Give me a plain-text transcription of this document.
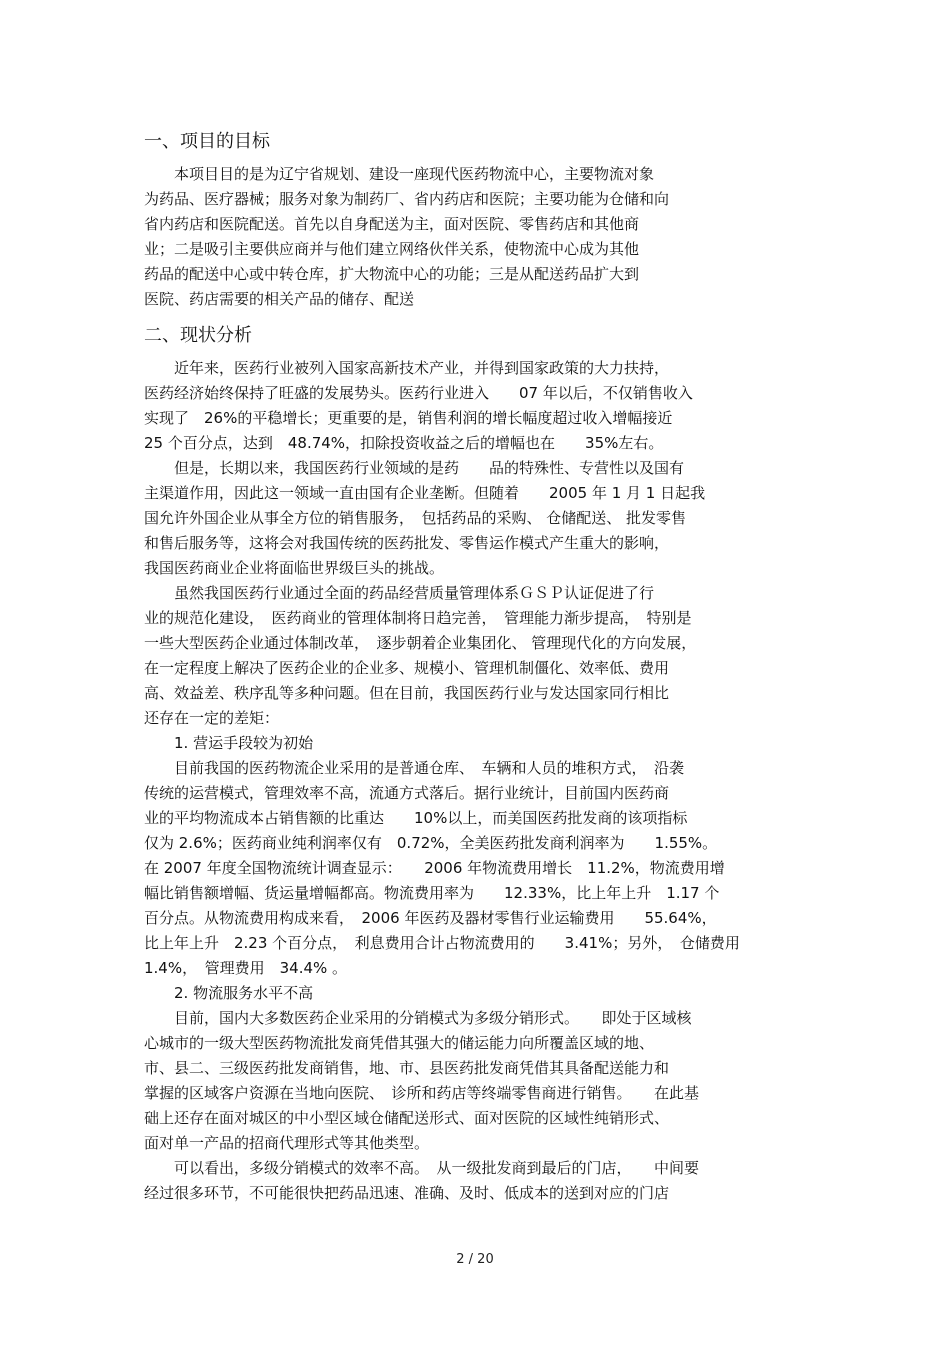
一、项目的目标
　　本项目目的是为辽宁省规划、建设一座现代医药物流中心，主要物流对象
为药品、医疗器械；服务对象为制药厂、省内药店和医院；主要功能为仓储和向
省内药店和医院配送。首先以自身配送为主，面对医院、零售药店和其他商
业；二是吸引主要供应商并与他们建立网络伙伴关系，使物流中心成为其他
药品的配送中心或中转仓库，扩大物流中心的功能；三是从配送药品扩大到
医院、药店需要的相关产品的储存、配送
二、现状分析
　　近年来，医药行业被列入国家高新技术产业，并得到国家政策的大力扶持，
医药经济始终保持了旺盛的发展势头。医药行业进入　　07 年以后，不仅销售收入
实现了　26%的平稳增长；更重要的是，销售利润的增长幅度超过收入增幅接近
25 个百分点，达到　48.74%，扣除投资收益之后的增幅也在　　35%左右。
　　但是，长期以来，我国医药行业领域的是药　　品的特殊性、专营性以及国有
主渠道作用，因此这一领域一直由国有企业垄断。但随着　　2005 年 1 月 1 日起我
国允许外国企业从事全方位的销售服务，　包括药品的采购、 仓储配送、 批发零售
和售后服务等，这将会对我国传统的医药批发、零售运作模式产生重大的影响，
我国医药商业企业将面临世界级巨头的挑战。
　　虽然我国医药行业通过全面的药品经营质量管理体系ＧＳＰ认证促进了行
业的规范化建设，　医药商业的管理体制将日趋完善，　管理能力渐步提高，　特别是
一些大型医药企业通过体制改革，　逐步朝着企业集团化、 管理现代化的方向发展，
在一定程度上解决了医药企业的企业多、规模小、管理机制僵化、效率低、费用
高、效益差、秩序乱等多种问题。但在目前，我国医药行业与发达国家同行相比
还存在一定的差矩：
　　1. 营运手段较为初始
　　目前我国的医药物流企业采用的是普通仓库、　车辆和人员的堆积方式，　沿袭
传统的运营模式，管理效率不高，流通方式落后。据行业统计，目前国内医药商
业的平均物流成本占销售额的比重达　　10%以上，而美国医药批发商的该项指标
仅为 2.6%；医药商业纯利润率仅有　0.72%，全美医药批发商利润率为　　1.55%。
在 2007 年度全国物流统计调查显示：　　2006 年物流费用增长　11.2%，物流费用增
幅比销售额增幅、货运量增幅都高。物流费用率为　　12.33%，比上年上升　1.17 个
百分点。从物流费用构成来看，　2006 年医药及器材零售行业运输费用　　55.64%，
比上年上升　2.23 个百分点，　利息费用合计占物流费用的　　3.41%；另外，　仓储费用
1.4%，　管理费用　34.4% 。
　　2. 物流服务水平不高
　　目前，国内大多数医药企业采用的分销模式为多级分销形式。　　即处于区域核
心城市的一级大型医药物流批发商凭借其强大的储运能力向所覆盖区域的地、
市、县二、三级医药批发商销售，地、市、县医药批发商凭借其具备配送能力和
掌握的区域客户资源在当地向医院、　诊所和药店等终端零售商进行销售。　　在此基
础上还存在面对城区的中小型区域仓储配送形式、面对医院的区域性纯销形式、
面对单一产品的招商代理形式等其他类型。
　　可以看出，多级分销模式的效率不高。　从一级批发商到最后的门店，　　中间要
经过很多环节，不可能很快把药品迅速、准确、及时、低成本的送到对应的门店
2 / 20
